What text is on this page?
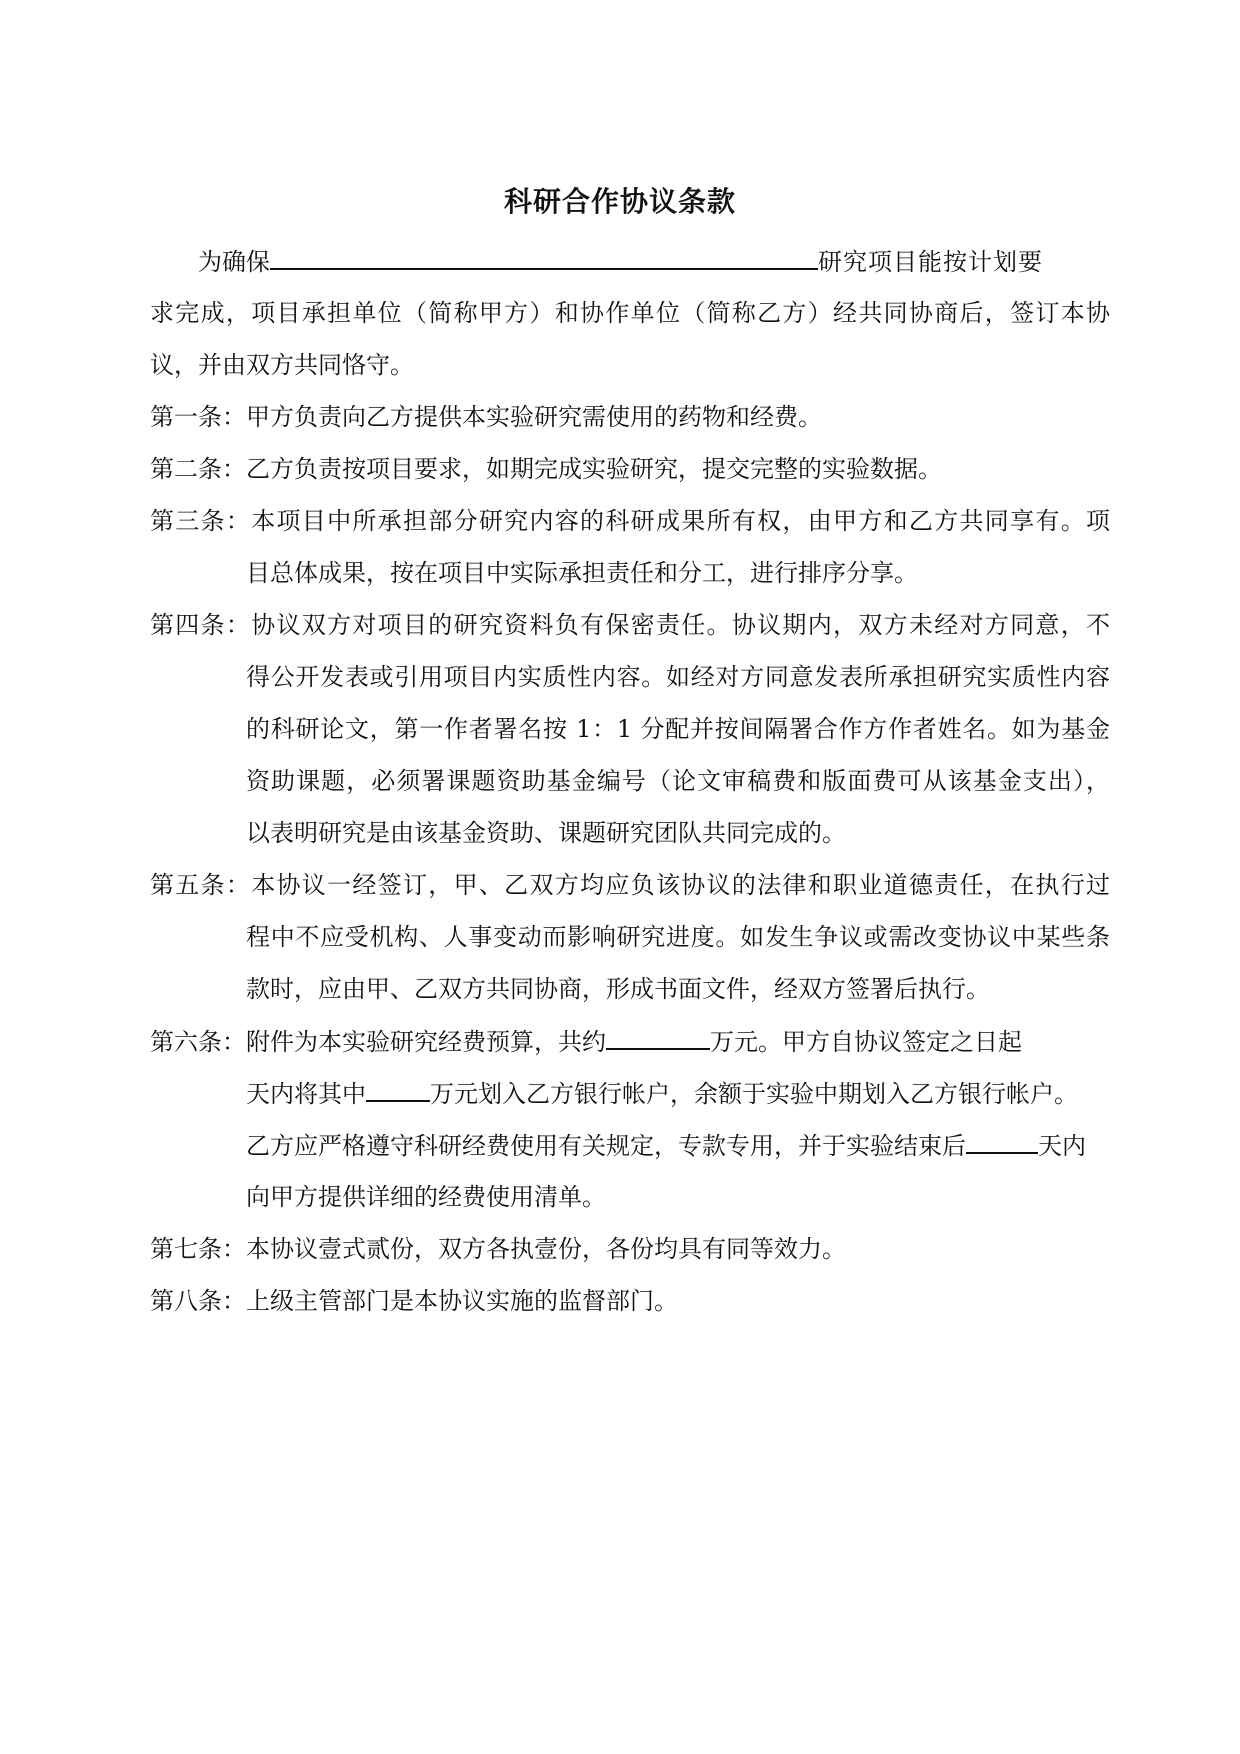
科研合作协议条款
为确保	研究项目能按计划要
求完成，项目承担单位（简称甲方）和协作单位（简称乙方）经共同协商后，签订本协
议，并由双方共同恪守。
第一条：甲方负责向乙方提供本实验研究需使用的药物和经费。
第二条：乙方负责按项目要求，如期完成实验研究，提交完整的实验数据。
第三条：本项目中所承担部分研究内容的科研成果所有权，由甲方和乙方共同享有。项
目总体成果，按在项目中实际承担责任和分工，进行排序分享。
第四条：协议双方对项目的研究资料负有保密责任。协议期内，双方未经对方同意，不
得公开发表或引用项目内实质性内容。如经对方同意发表所承担研究实质性内容
的科研论文，第一作者署名按 1：1 分配并按间隔署合作方作者姓名。如为基金
资助课题，必须署课题资助基金编号（论文审稿费和版面费可从该基金支出），
以表明研究是由该基金资助、课题研究团队共同完成的。
第五条：本协议一经签订，甲、乙双方均应负该协议的法律和职业道德责任，在执行过
程中不应受机构、人事变动而影响研究进度。如发生争议或需改变协议中某些条
款时，应由甲、乙双方共同协商，形成书面文件，经双方签署后执行。
第六条：附件为本实验研究经费预算，共约	万元。甲方自协议签定之日起
天内将其中	万元划入乙方银行帐户，余额于实验中期划入乙方银行帐户。
乙方应严格遵守科研经费使用有关规定，专款专用，并于实验结束后	天内
向甲方提供详细的经费使用清单。
第七条：本协议壹式贰份，双方各执壹份，各份均具有同等效力。
第八条：上级主管部门是本协议实施的监督部门。
